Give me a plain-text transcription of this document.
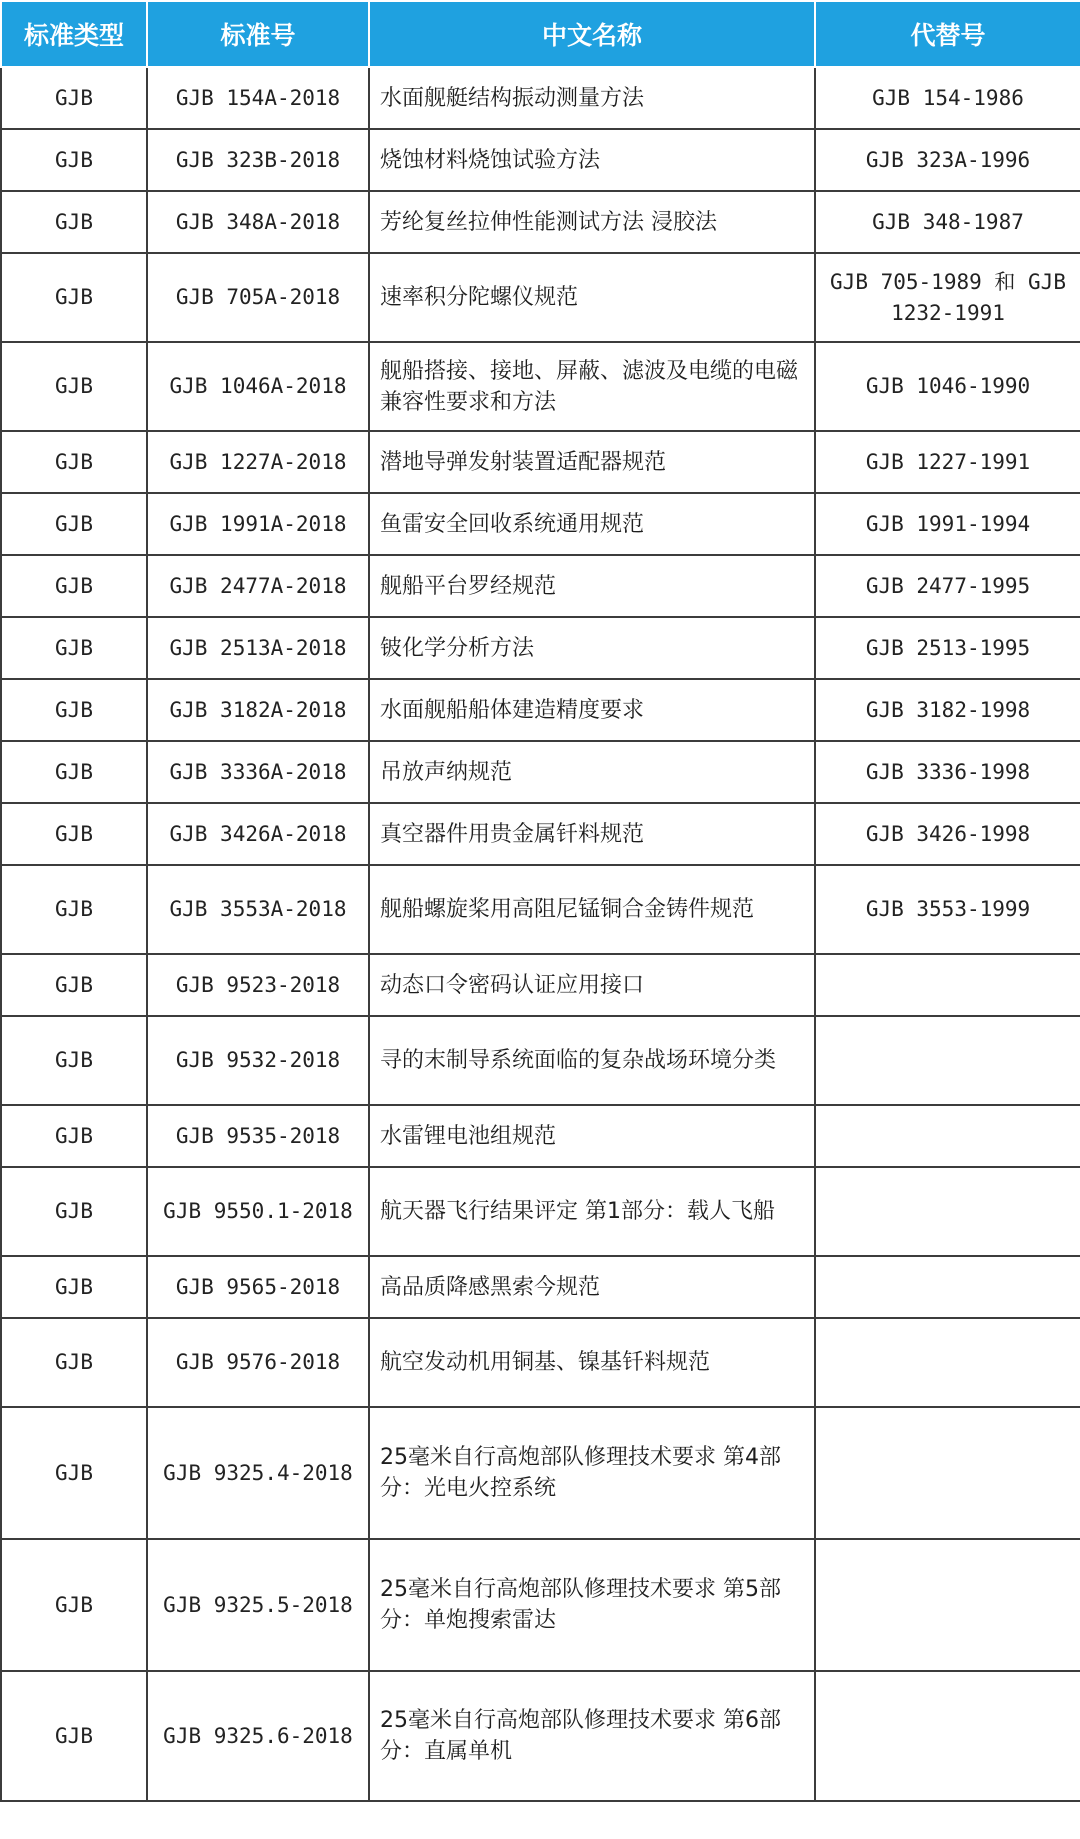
标准类型	标准号	中文名称	代替号
GJB	GJB 154A-2018	水面舰艇结构振动测量方法	GJB 154-1986
GJB	GJB 323B-2018	烧蚀材料烧蚀试验方法	GJB 323A-1996
GJB	GJB 348A-2018	芳纶复丝拉伸性能测试方法 浸胶法	GJB 348-1987
GJB	GJB 705A-2018	速率积分陀螺仪规范	GJB 705-1989 和 GJB 1232-1991
GJB	GJB 1046A-2018	舰船搭接、接地、屏蔽、滤波及电缆的电磁兼容性要求和方法	GJB 1046-1990
GJB	GJB 1227A-2018	潜地导弹发射装置适配器规范	GJB 1227-1991
GJB	GJB 1991A-2018	鱼雷安全回收系统通用规范	GJB 1991-1994
GJB	GJB 2477A-2018	舰船平台罗经规范	GJB 2477-1995
GJB	GJB 2513A-2018	铍化学分析方法	GJB 2513-1995
GJB	GJB 3182A-2018	水面舰船船体建造精度要求	GJB 3182-1998
GJB	GJB 3336A-2018	吊放声纳规范	GJB 3336-1998
GJB	GJB 3426A-2018	真空器件用贵金属钎料规范	GJB 3426-1998
GJB	GJB 3553A-2018	舰船螺旋桨用高阻尼锰铜合金铸件规范	GJB 3553-1999
GJB	GJB 9523-2018	动态口令密码认证应用接口	
GJB	GJB 9532-2018	寻的末制导系统面临的复杂战场环境分类	
GJB	GJB 9535-2018	水雷锂电池组规范	
GJB	GJB 9550.1-2018	航天器飞行结果评定 第1部分：载人飞船	
GJB	GJB 9565-2018	高品质降感黑索今规范	
GJB	GJB 9576-2018	航空发动机用铜基、镍基钎料规范	
GJB	GJB 9325.4-2018	25毫米自行高炮部队修理技术要求 第4部分：光电火控系统	
GJB	GJB 9325.5-2018	25毫米自行高炮部队修理技术要求 第5部分：单炮搜索雷达	
GJB	GJB 9325.6-2018	25毫米自行高炮部队修理技术要求 第6部分：直属单机	
